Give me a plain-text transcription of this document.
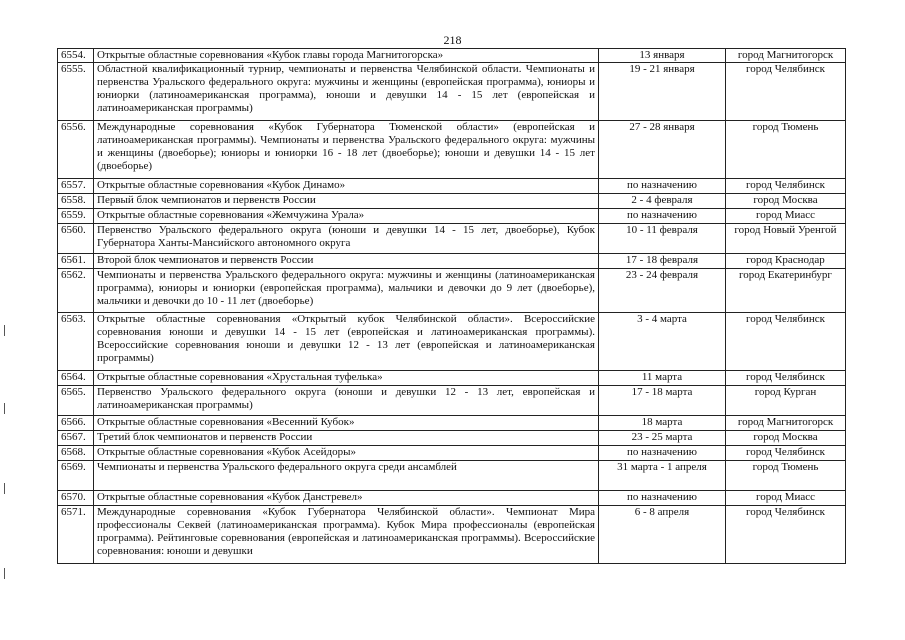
218
6554.	Открытые областные соревнования «Кубок главы города Магнитогорска»	13 января	город Магнитогорск
6555.	Областной квалификационный турнир, чемпионаты и первенства Челябинской области. Чемпионаты и первенства Уральского федерального округа: мужчины и женщины (европейская программа), юниоры и юниорки (латиноамериканская программа), юноши и девушки 14 - 15 лет (европейская и латиноамериканская программы)	19 - 21 января	город Челябинск
6556.	Международные соревнования «Кубок Губернатора Тюменской области» (европейская и латиноамериканская программы). Чемпионаты и первенства Уральского федерального округа: мужчины и женщины (двоеборье); юниоры и юниорки 16 - 18 лет (двоеборье); юноши и девушки 14 - 15 лет (двоеборье)	27 - 28 января	город Тюмень
6557.	Открытые областные соревнования «Кубок Динамо»	по назначению	город Челябинск
6558.	Первый блок чемпионатов и первенств России	2 - 4 февраля	город Москва
6559.	Открытые областные соревнования «Жемчужина Урала»	по назначению	город Миасс
6560.	Первенство Уральского федерального округа (юноши и девушки 14 - 15 лет, двоеборье), Кубок Губернатора Ханты-Мансийского автономного округа	10 - 11 февраля	город Новый Уренгой
6561.	Второй блок чемпионатов и первенств России	17 - 18 февраля	город Краснодар
6562.	Чемпионаты и первенства Уральского федерального округа: мужчины и женщины (латиноамериканская программа), юниоры и юниорки (европейская программа), мальчики и девочки до 9 лет (двоеборье), мальчики и девочки до 10 - 11 лет (двоеборье)	23 - 24 февраля	город Екатеринбург
6563.	Открытые областные соревнования «Открытый кубок Челябинской области». Всероссийские соревнования юноши и девушки 14 - 15 лет (европейская и латиноамериканская программы). Всероссийские соревнования юноши и девушки 12 - 13 лет (европейская и латиноамериканская программы)	3 - 4 марта	город Челябинск
6564.	Открытые областные соревнования «Хрустальная туфелька»	11 марта	город Челябинск
6565.	Первенство Уральского федерального округа (юноши и девушки 12 - 13 лет, европейская и латиноамериканская программы)	17 - 18 марта	город Курган
6566.	Открытые областные соревнования «Весенний Кубок»	18 марта	город Магнитогорск
6567.	Третий блок чемпионатов и первенств России	23 - 25 марта	город Москва
6568.	Открытые областные соревнования «Кубок Асейдоры»	по назначению	город Челябинск
6569.	Чемпионаты и первенства Уральского федерального округа среди ансамблей	31 марта - 1 апреля	город Тюмень
6570.	Открытые областные соревнования «Кубок Данстревел»	по назначению	город Миасс
6571.	Международные соревнования «Кубок Губернатора Челябинской области». Чемпионат Мира профессионалы Секвей (латиноамериканская программа). Кубок Мира профессионалы (европейская программа). Рейтинговые соревнования (европейская и латиноамериканская программы). Всероссийские соревнования: юноши и девушки	6 - 8 апреля	город Челябинск
